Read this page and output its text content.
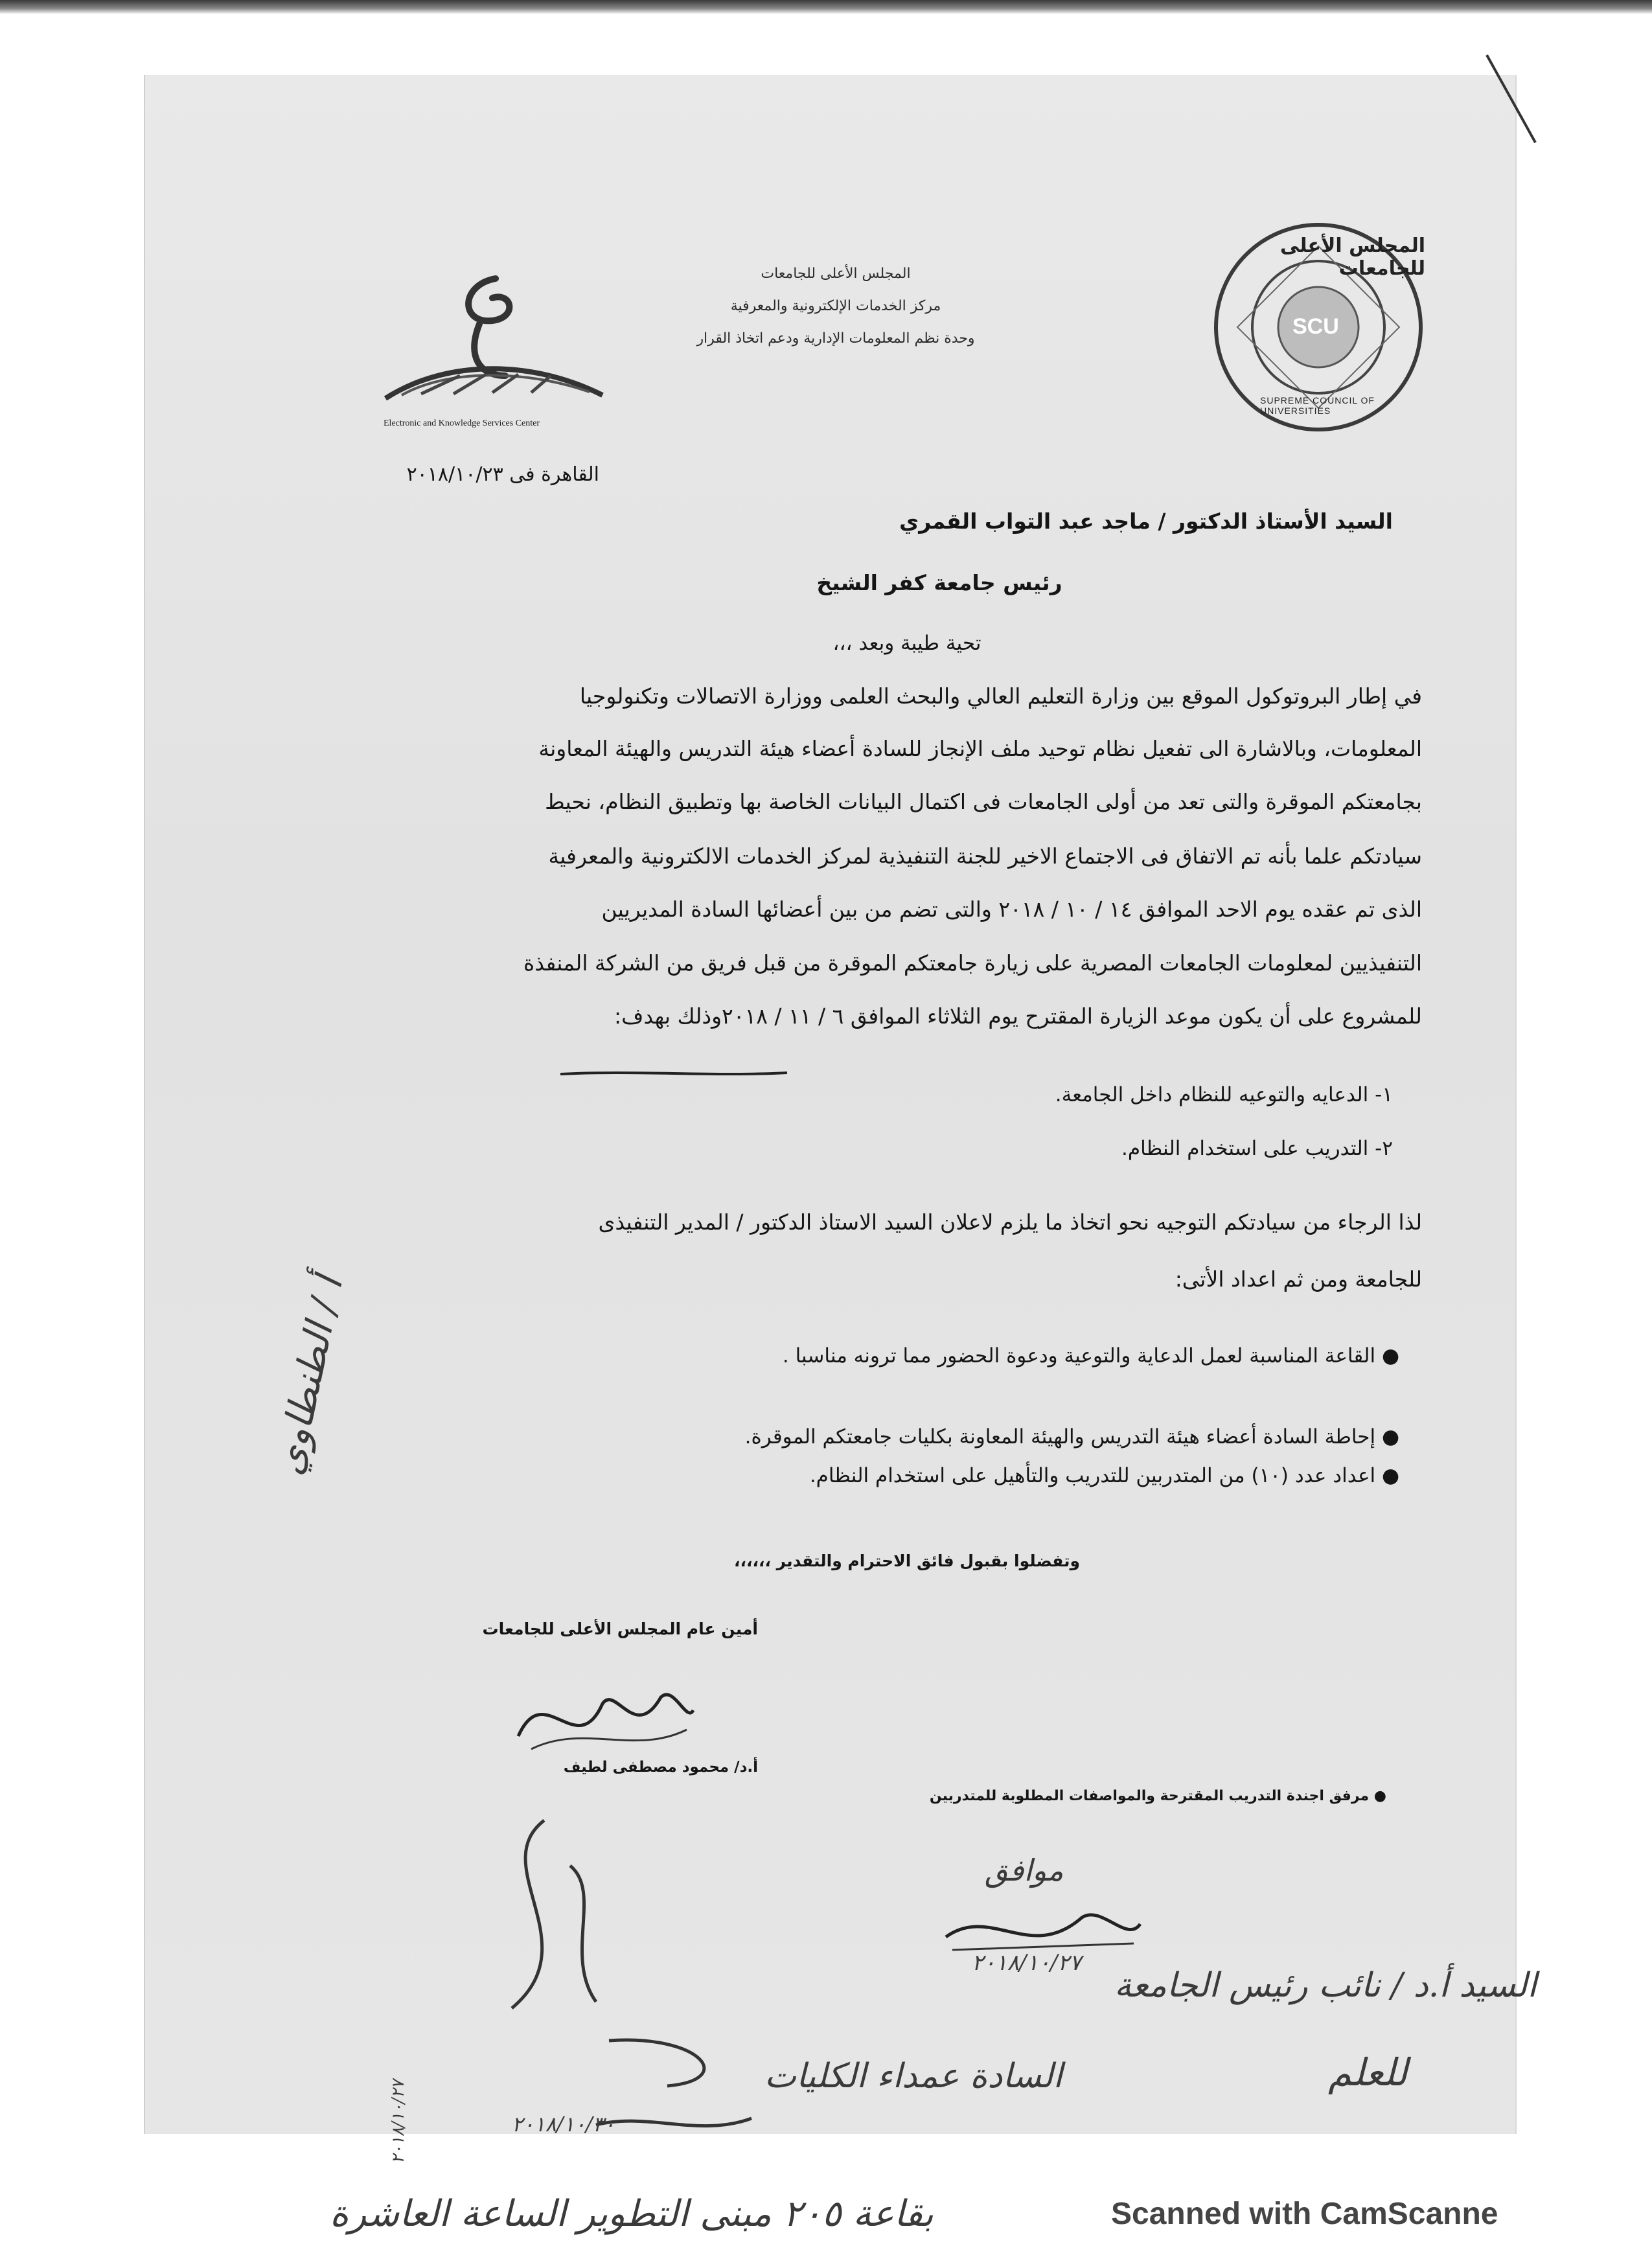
SCU
المجلس الأعلى للجامعات
SUPREME COUNCIL OF UNIVERSITIES
المجلس الأعلى للجامعات
مركز الخدمات الإلكترونية والمعرفية
وحدة نظم المعلومات الإدارية ودعم اتخاذ القرار
Electronic and Knowledge Services Center
القاهرة فى ٢٠١٨/١٠/٢٣
السيد الأستاذ الدكتور / ماجد عبد التواب القمري
رئيس جامعة كفر الشيخ
تحية طيبة وبعد ،،،
في إطار البروتوكول الموقع بين وزارة التعليم العالي والبحث العلمى ووزارة الاتصالات وتكنولوجيا
المعلومات، وبالاشارة الى تفعيل نظام توحيد ملف الإنجاز للسادة أعضاء هيئة التدريس والهيئة المعاونة
بجامعتكم الموقرة والتى تعد من أولى الجامعات فى اكتمال البيانات الخاصة بها وتطبيق النظام، نحيط
سيادتكم علما بأنه تم الاتفاق فى الاجتماع الاخير للجنة التنفيذية لمركز الخدمات الالكترونية والمعرفية
الذى تم عقده يوم الاحد الموافق ١٤ / ١٠ / ٢٠١٨ والتى تضم من بين أعضائها السادة المديريين
التنفيذيين لمعلومات الجامعات المصرية على زيارة جامعتكم الموقرة من قبل فريق من الشركة المنفذة
للمشروع على أن يكون موعد الزيارة المقترح يوم الثلاثاء الموافق ٦ / ١١ / ٢٠١٨وذلك بهدف:
١- الدعايه والتوعيه للنظام داخل الجامعة.
٢- التدريب على استخدام النظام.
لذا الرجاء من سيادتكم التوجيه نحو اتخاذ ما يلزم لاعلان السيد الاستاذ الدكتور / المدير التنفيذى
للجامعة ومن ثم اعداد الأتى:
● القاعة المناسبة لعمل الدعاية والتوعية ودعوة الحضور مما ترونه مناسبا .
● إحاطة السادة أعضاء هيئة التدريس والهيئة المعاونة بكليات جامعتكم الموقرة.
● اعداد عدد (١٠) من المتدربين للتدريب والتأهيل على استخدام النظام.
وتفضلوا بقبول فائق الاحترام والتقدير ،،،،،،
أمين عام المجلس الأعلى للجامعات
أ.د/ محمود مصطفى لطيف
● مرفق اجندة التدريب المقترحة والمواصفات المطلوبة للمتدربين
أ / الطنطاوي
٢٠١٨/١٠/٢٧
موافق
٢٠١٨/١٠/٢٧
السيد أ.د / نائب رئيس الجامعة
للعلم
السادة عمداء الكليات
٢٠١٨/١٠/٣٠
بقاعة ٢٠٥ مبنى التطوير الساعة العاشرة	Scanned with CamScanne
